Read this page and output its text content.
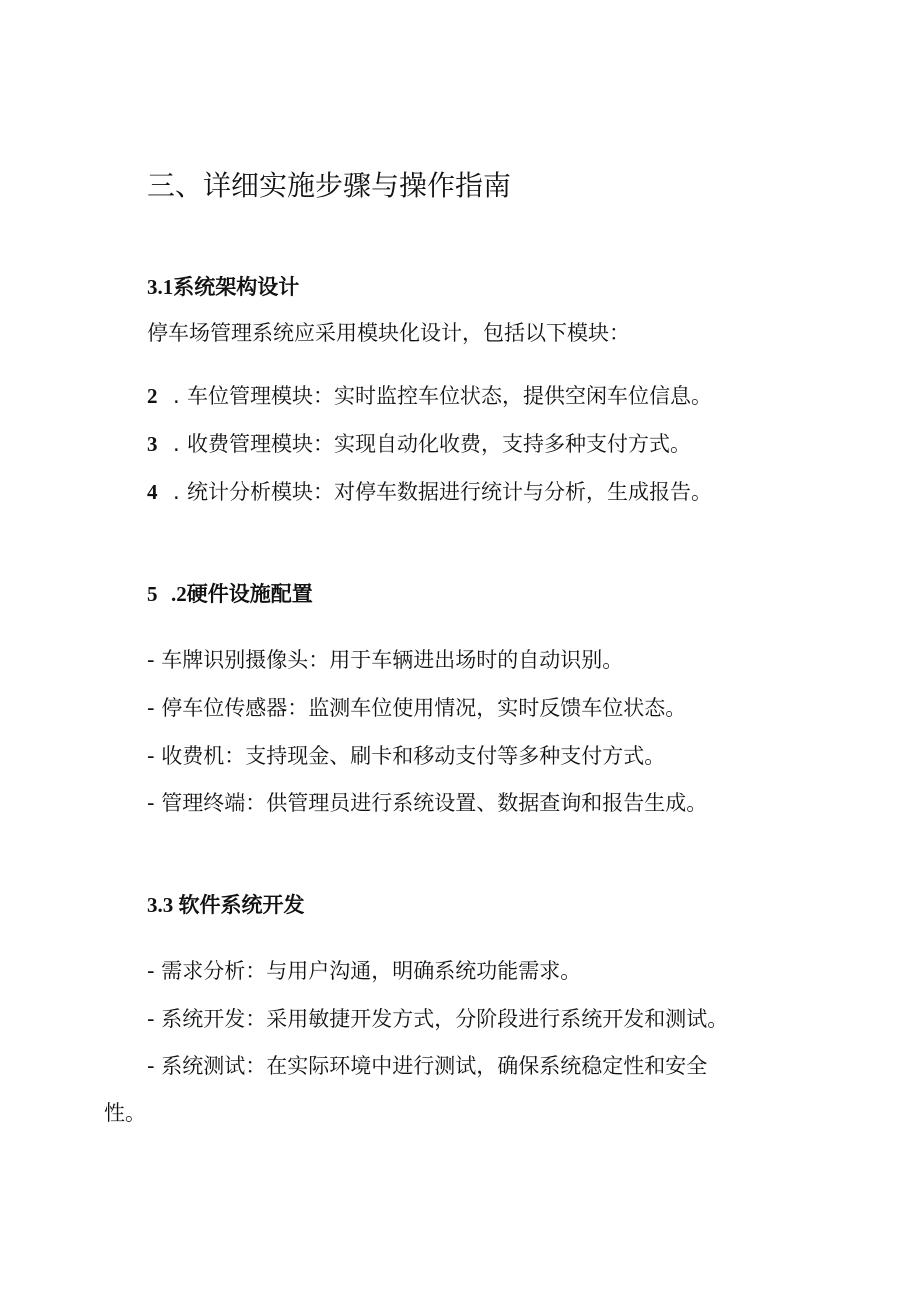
三、详细实施步骤与操作指南
3.1系统架构设计
停车场管理系统应采用模块化设计，包括以下模块：
2 . 车位管理模块：实时监控车位状态，提供空闲车位信息。
3 . 收费管理模块：实现自动化收费，支持多种支付方式。
4 . 统计分析模块：对停车数据进行统计与分析，生成报告。
5 .2硬件设施配置
- 车牌识别摄像头：用于车辆进出场时的自动识别。
- 停车位传感器：监测车位使用情况，实时反馈车位状态。
- 收费机：支持现金、刷卡和移动支付等多种支付方式。
- 管理终端：供管理员进行系统设置、数据查询和报告生成。
3.3 软件系统开发
- 需求分析：与用户沟通，明确系统功能需求。
- 系统开发：采用敏捷开发方式，分阶段进行系统开发和测试。
- 系统测试：在实际环境中进行测试，确保系统稳定性和安全
性。
